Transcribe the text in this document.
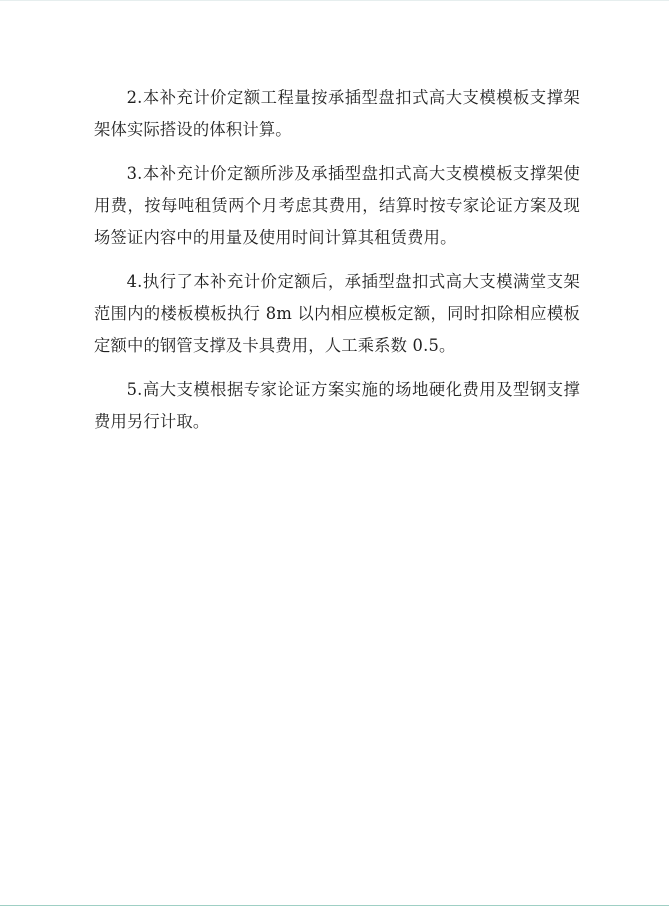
2.本补充计价定额工程量按承插型盘扣式高大支模模板支撑架架体实际搭设的体积计算。

3.本补充计价定额所涉及承插型盘扣式高大支模模板支撑架使用费，按每吨租赁两个月考虑其费用，结算时按专家论证方案及现场签证内容中的用量及使用时间计算其租赁费用。

4.执行了本补充计价定额后，承插型盘扣式高大支模满堂支架范围内的楼板模板执行 8m 以内相应模板定额，同时扣除相应模板定额中的钢管支撑及卡具费用，人工乘系数 0.5。

5.高大支模根据专家论证方案实施的场地硬化费用及型钢支撑费用另行计取。
